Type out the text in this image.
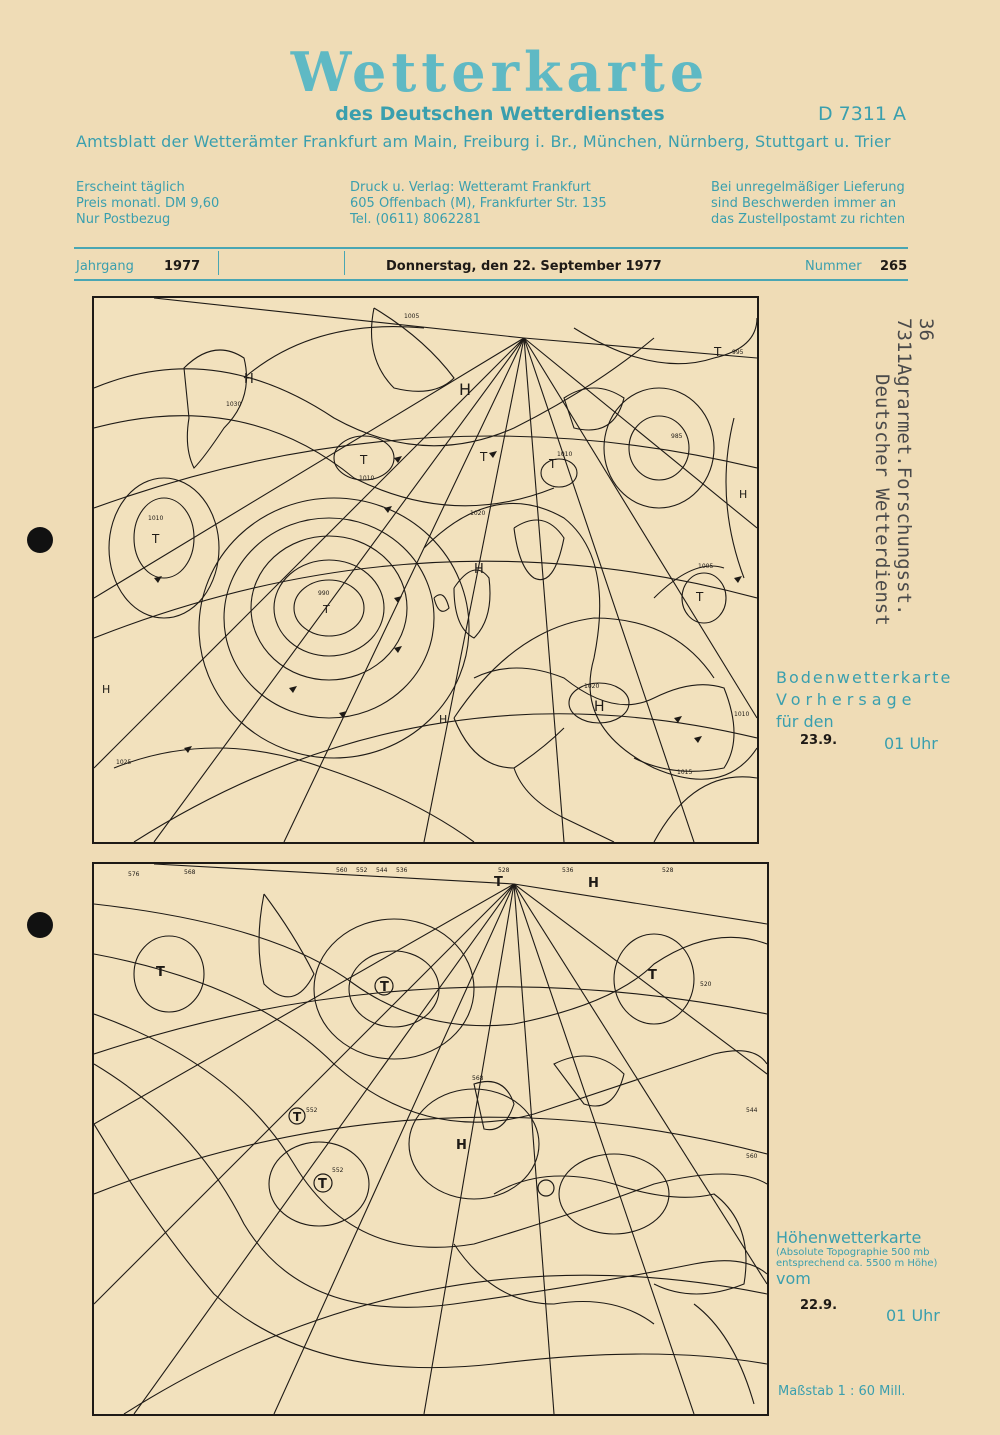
Wetterkarte
des Deutschen Wetterdienstes	D 7311 A
Amtsblatt der Wetterämter Frankfurt am Main, Freiburg i. Br., München, Nürnberg, Stuttgart u. Trier
Erscheint täglich
Preis monatl. DM 9,60
Nur Postbezug
Druck u. Verlag: Wetteramt Frankfurt
605 Offenbach (M), Frankfurter Str. 135
Tel. (0611) 8062281
Bei unregelmäßiger Lieferung
sind Beschwerden immer an
das Zustellpostamt zu richten
Jahrgang 1977	Donnerstag, den 22. September 1977	Nummer 265
H
H
T	T	T
T
T
H
H
H
H
T
H
T
1005
1030
1010
1010
1010
1020
990
1005
1020
1025
1010
1015
985
995
36
7311Agrarmet.Forschungsst.
Deutscher Wetterdienst
Bodenwetterkarte
Vorhersage
für den
23.9.	01 Uhr
T	H
T
T
T
T
H
T
576	568	560 552 544 536	528	536	528
520
552
552
568
560
544
Höhenwetterkarte
(Absolute Topographie 500 mb
entsprechend ca. 5500 m Höhe)
vom
22.9.
01 Uhr
Maßstab 1 : 60 Mill.
